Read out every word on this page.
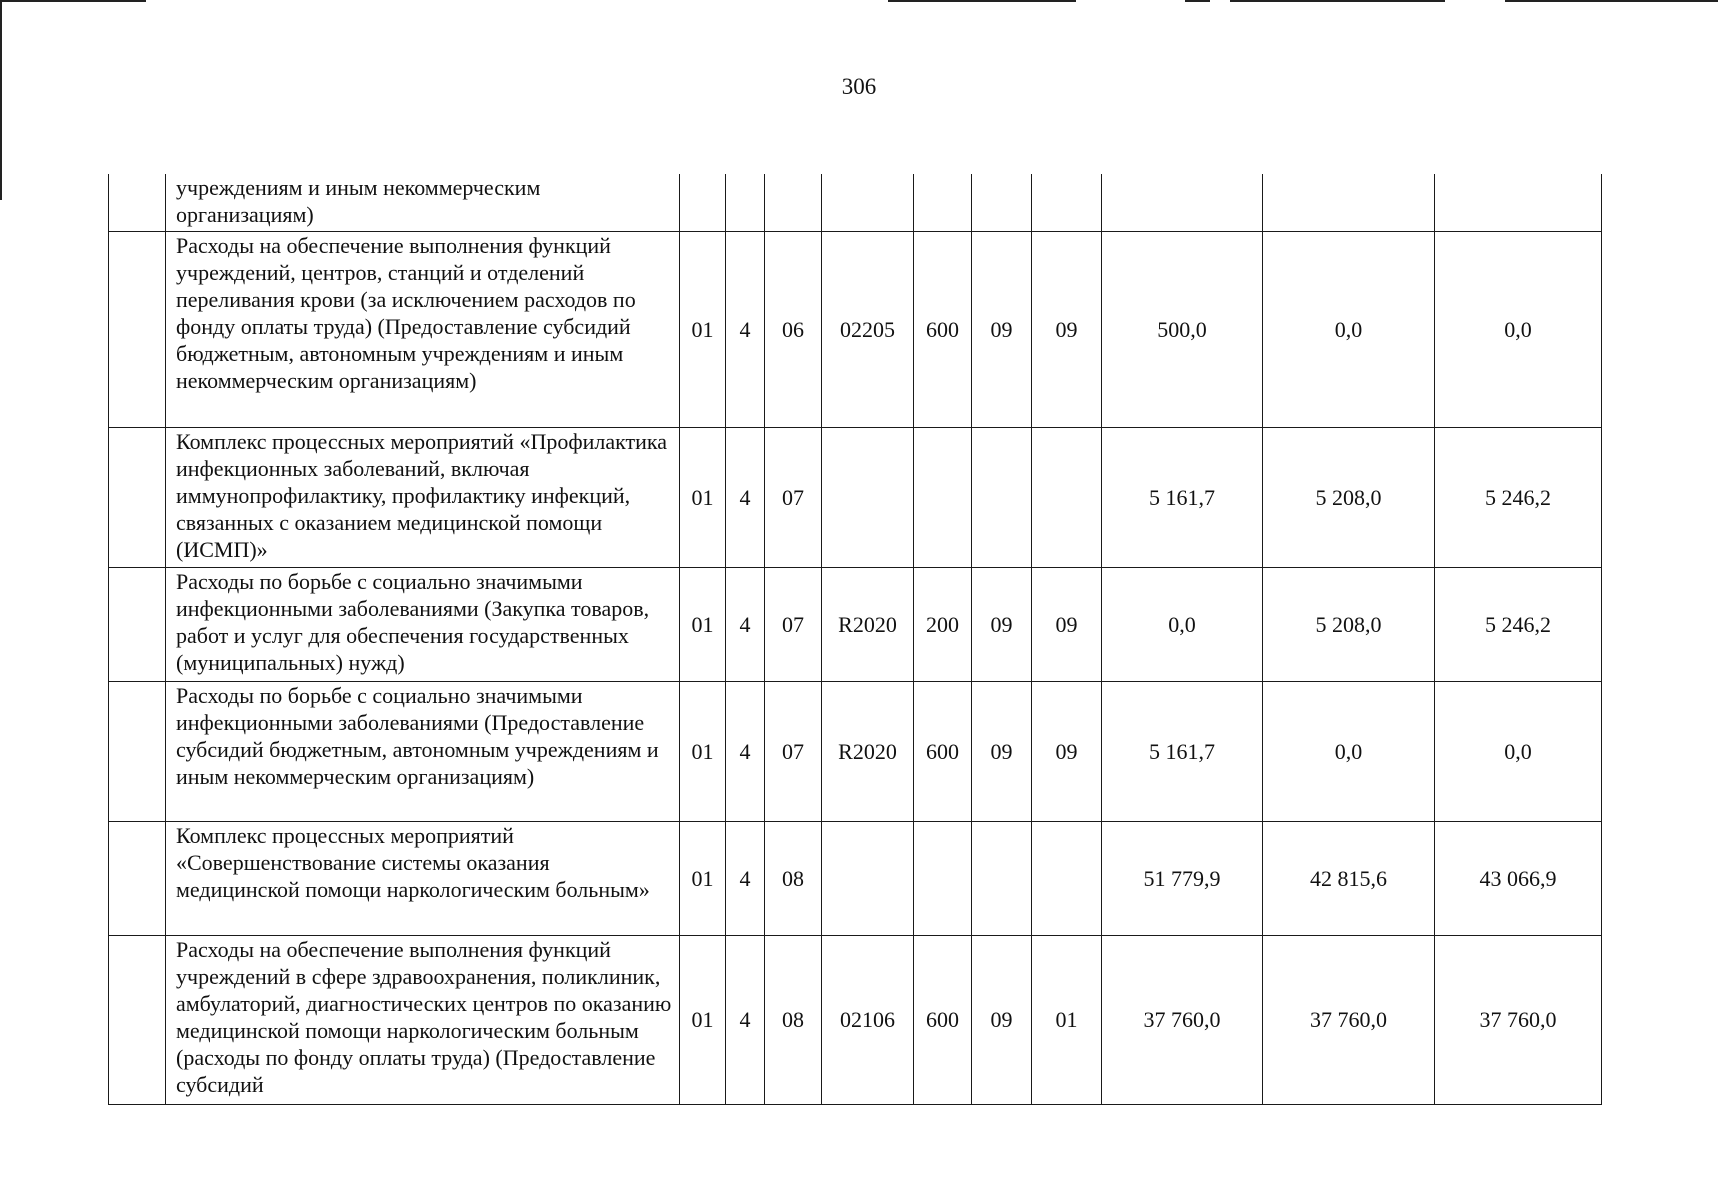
306
	учреждениям и иным некоммерческим организациям)										
	Расходы на обеспечение выполнения функций учреждений, центров, станций и отделений переливания крови (за исключением расходов по фонду оплаты труда) (Предоставление субсидий бюджетным, автономным учреждениям и иным некоммерческим организациям)	01	4	06	02205	600	09	09	500,0	0,0	0,0
	Комплекс процессных мероприятий «Профилактика инфекционных заболеваний, включая иммунопрофилактику, профилактику инфекций, связанных с оказанием медицинской помощи (ИСМП)»	01	4	07					5 161,7	5 208,0	5 246,2
	Расходы по борьбе с социально значимыми инфекционными заболеваниями (Закупка товаров, работ и услуг для обеспечения государственных (муниципальных) нужд)	01	4	07	R2020	200	09	09	0,0	5 208,0	5 246,2
	Расходы по борьбе с социально значимыми инфекционными заболеваниями (Предоставление субсидий бюджетным, автономным учреждениям и иным некоммерческим организациям)	01	4	07	R2020	600	09	09	5 161,7	0,0	0,0
	Комплекс процессных мероприятий «Совершенствование системы оказания медицинской помощи наркологическим больным»	01	4	08					51 779,9	42 815,6	43 066,9
	Расходы на обеспечение выполнения функций учреждений в сфере здравоохранения, поликлиник, амбулаторий, диагностических центров по оказанию медицинской помощи наркологическим больным (расходы по фонду оплаты труда) (Предоставление субсидий	01	4	08	02106	600	09	01	37 760,0	37 760,0	37 760,0
